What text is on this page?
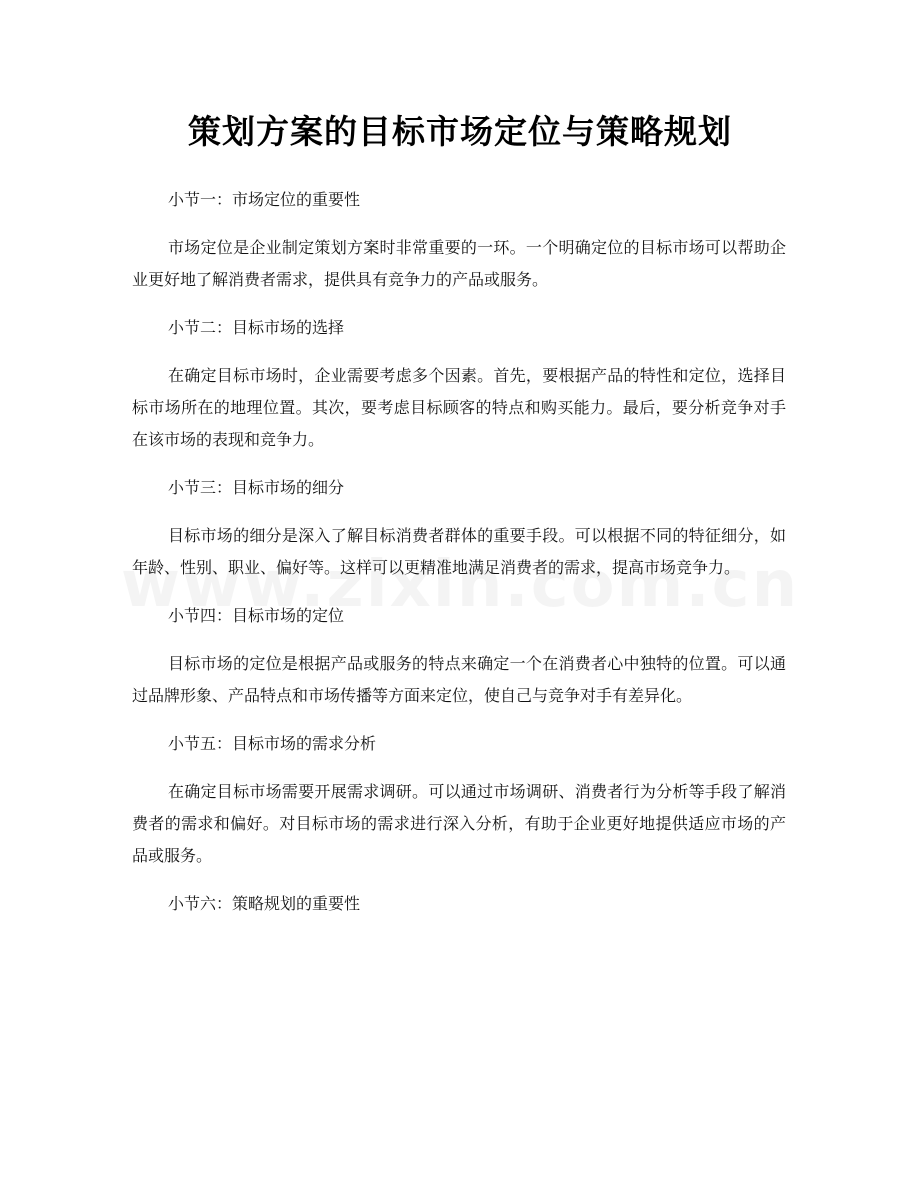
策划方案的目标市场定位与策略规划

小节一：市场定位的重要性

市场定位是企业制定策划方案时非常重要的一环。一个明确定位的目标市场可以帮助企业更好地了解消费者需求，提供具有竞争力的产品或服务。

小节二：目标市场的选择

在确定目标市场时，企业需要考虑多个因素。首先，要根据产品的特性和定位，选择目标市场所在的地理位置。其次，要考虑目标顾客的特点和购买能力。最后，要分析竞争对手在该市场的表现和竞争力。

小节三：目标市场的细分

目标市场的细分是深入了解目标消费者群体的重要手段。可以根据不同的特征细分，如年龄、性别、职业、偏好等。这样可以更精准地满足消费者的需求，提高市场竞争力。

小节四：目标市场的定位

目标市场的定位是根据产品或服务的特点来确定一个在消费者心中独特的位置。可以通过品牌形象、产品特点和市场传播等方面来定位，使自己与竞争对手有差异化。

小节五：目标市场的需求分析

在确定目标市场需要开展需求调研。可以通过市场调研、消费者行为分析等手段了解消费者的需求和偏好。对目标市场的需求进行深入分析，有助于企业更好地提供适应市场的产品或服务。

小节六：策略规划的重要性
